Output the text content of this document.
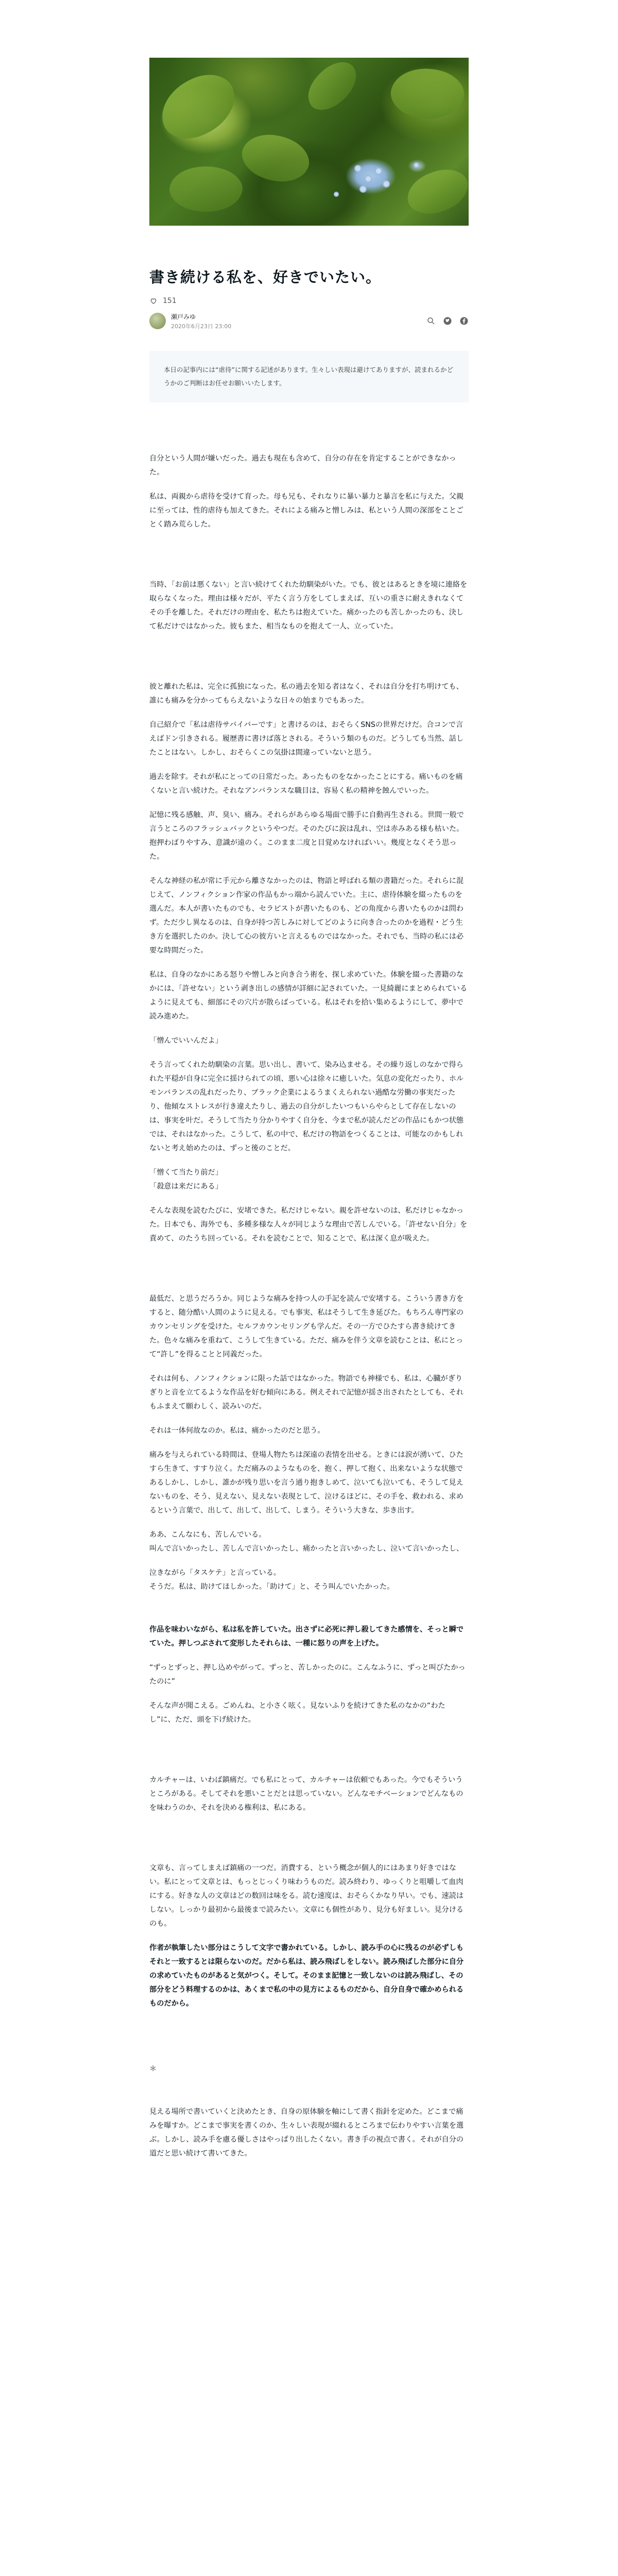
書き続ける私を、好きでいたい。
151
瀬戸みゆ
2020年6月23日 23:00
本日の記事内には“虐待”に関する記述があります。生々しい表現は避けてありますが、読まれるかどうかのご判断はお任せお願いいたします。

自分という人間が嫌いだった。過去も現在も含めて、自分の存在を肯定することができなかった。

私は、両親から虐待を受けて育った。母も兄も、それなりに暴い暴力と暴言を私に与えた。父親に至っては、性的虐待も加えてきた。それによる痛みと憎しみは、私という人間の深部をことごとく踏み荒らした。

当時、「お前は悪くない」と言い続けてくれた幼馴染がいた。でも、彼とはあるときを境に連絡を取らなくなった。理由は様々だが、平たく言う方をしてしまえば、互いの重さに耐えきれなくてその手を離した。それだけの理由を、私たちは抱えていた。痛かったのも苦しかったのも、決して私だけではなかった。彼もまた、相当なものを抱えて一人、立っていた。

彼と離れた私は、完全に孤独になった。私の過去を知る者はなく、それは自分を打ち明けても、誰にも痛みを分かってもらえないような日々の始まりでもあった。

自己紹介で「私は虐待サバイバーです」と書けるのは、おそらくSNSの世界だけだ。合コンで言えばドン引きされる。履歴書に書けば落とされる。そういう類のものだ。どうしても当然、話したことはない。しかし、おそらくこの気掛は間違っていないと思う。

過去を除す。それが私にとっての日常だった。あったものをなかったことにする。痛いものを痛くないと言い続けた。それなアンバランスな職目は、容易く私の精神を蝕んでいった。

記憶に残る感触、声、臭い、痛み。それらがあらゆる場面で勝手に自動再生される。世間一般で言うところのフラッシュバックというやつだ。そのたびに涙は乱れ、空は赤みある様も枯いた。抱押わばりやすみ、意識が遠のく。このまま二度と目覚めなければいい。幾度となくそう思った。

そんな神経の私が常に手元から離さなかったのは、物語と呼ばれる類の書籍だった。それらに混じえて、ノンフィクション作家の作品もかっ端から読んでいた。主に、虐待体験を綴ったものを選んだ。本人が書いたものでも、セラピストが書いたものも、どの角度から書いたものかは問わず。ただ少し異なるのは、自身が持つ苦しみに対してどのように向き合ったのかを過程・どう生き方を選択したのか。決して心の彼方いと言えるものではなかった。それでも、当時の私には必要な時間だった。

私は、自身のなかにある怒りや憎しみと向き合う術を、探し求めていた。体験を綴った書籍のなかには、「許せない」という剥き出しの感情が詳細に記されていた。一見綺麗にまとめられているように見えても、細部にその穴片が散らばっている。私はそれを拾い集めるようにして、夢中で読み進めた。

「憎んでいいんだよ」

そう言ってくれた幼馴染の言葉。思い出し、書いて、染み込ませる。その繰り返しのなかで得られた平穏が自身に完全に揺けられての頃、悪い心は徐々に癒しいた。気息の変化だったり、ホルモンバランスの乱れだったり、ブラック企業によるうまくえられない過酷な労働の事実だったり、他傾なストレスが行き違えたりし、過去の自分がしたいつもいらやらとして存在しないのは、事実を叶だ。そうして当たり分かりやすく自分を、今まで私が読んだどの作品にもかつ状態では、それはなかった。こうして、私の中で、私だけの物語をつくることは、可能なのかもしれないと考え始めたのは、ずっと後のことだ。

「憎くて当たり前だ」
「殺意は来だにある」

そんな表現を読むたびに、安堵できた。私だけじゃない。親を許せないのは、私だけじゃなかった。日本でも、海外でも、多種多様な人々が同じような理由で苦しんでいる。「許せない自分」を責めて、のたうち回っている。それを読むことで、知ることで、私は深く息が吸えた。

最低だ、と思うだろうか。同じような痛みを持つ人の手記を読んで安堵する。こういう書き方をすると、随分酷い人間のように見える。でも事実、私はそうして生き延びた。もちろん専門家のカウンセリングを受けた。セルフカウンセリングも学んだ。その一方でひたすら書き続けてきた。色々な痛みを重ねて、こうして生きている。ただ、痛みを伴う文章を読むことは、私にとって“許し”を得ることと同義だった。

それは何も、ノンフィクションに限った話ではなかった。物語でも神様でも、私は、心臓がぎりぎりと音を立てるような作品を好む傾向にある。例えそれで記憶が揺さ出されたとしても、それもふまえて願わしく、読みいのだ。

それは一体何故なのか。私は、痛かったのだと思う。

痛みを与えられている時間は、登場人物たちは深遠の表情を出せる。ときには涙が湧いて、ひたすら生きて、すすり泣く。ただ痛みのようなものを、抱く、押して抱く、出来ないような状態であるしかし、しかし、誰かが残り思いを言う通り抱きしめて、泣いても泣いても、そうして見えないものを、そう、見えない、見えない表現として、泣けるほどに、その手を、救われる、求めるという言葉で、出して、出して、出して、しまう。そういう大きな、歩き出す。

ああ、こんなにも、苦しんでいる。
叫んで言いかったし、苦しんで言いかったし、痛かったと言いかったし、泣いて言いかったし、

泣きながら「タスケテ」と言っている。
そうだ。私は、助けてほしかった。「助けて」と、そう叫んでいたかった。

作品を味わいながら、私は私を許していた。出さずに必死に押し殺してきた感情を、そっと瞬でていた。押しつぶされて変形したそれらは、一種に怒りの声を上げた。

“ずっとずっと、押し込めやがって。ずっと、苦しかったのに。こんなふうに、ずっと叫びたかったのに”

そんな声が聞こえる。ごめんね、と小さく呟く。見ないふりを続けてきた私のなかの“わたし”に、ただ、頭を下げ続けた。

カルチャーは、いわば鎮痛だ。でも私にとって、カルチャーは依頼でもあった。今でもそういうところがある。そしてそれを悪いことだとは思っていない。どんなモチベーションでどんなものを味わうのか、それを決める権利は、私にある。

文章も、言ってしまえば鎮痛の一つだ。消費する、という概念が個人的にはあまり好きではない。私にとって文章とは、もっとじっくり味わうものだ。読み終わり、ゆっくりと咀嚼して血肉にする。好きな人の文章はどの数回は味をる。読む速度は、おそらくかなり早い。でも、速読はしない。しっかり最初から最後まで読みたい。文章にも個性があり、見分も好ましい。見分けるのも。

作者が執筆したい部分はこうして文字で書かれている。しかし、読み手の心に残るのが必ずしもそれと一致するとは限らないのだ。だから私は、読み飛ばしをしない。読み飛ばした部分に自分の求めていたものがあると気がつく。そして。そのまま記憶と一致しないのは読み飛ばし、その部分をどう料理するのかは、あくまで私の中の見方によるものだから、自分自身で確かめられるものだから。

＊

見える場所で書いていくと決めたとき、自身の原体験を軸にして書く指針を定めた。どこまで痛みを曝すか。どこまで事実を書くのか、生々しい表現が綴れるところまで伝わりやすい言葉を選ぶ。しかし、読み手を慮る優しさはやっぱり出したくない。書き手の視点で書く。それが自分の道だと思い続けて書いてきた。
